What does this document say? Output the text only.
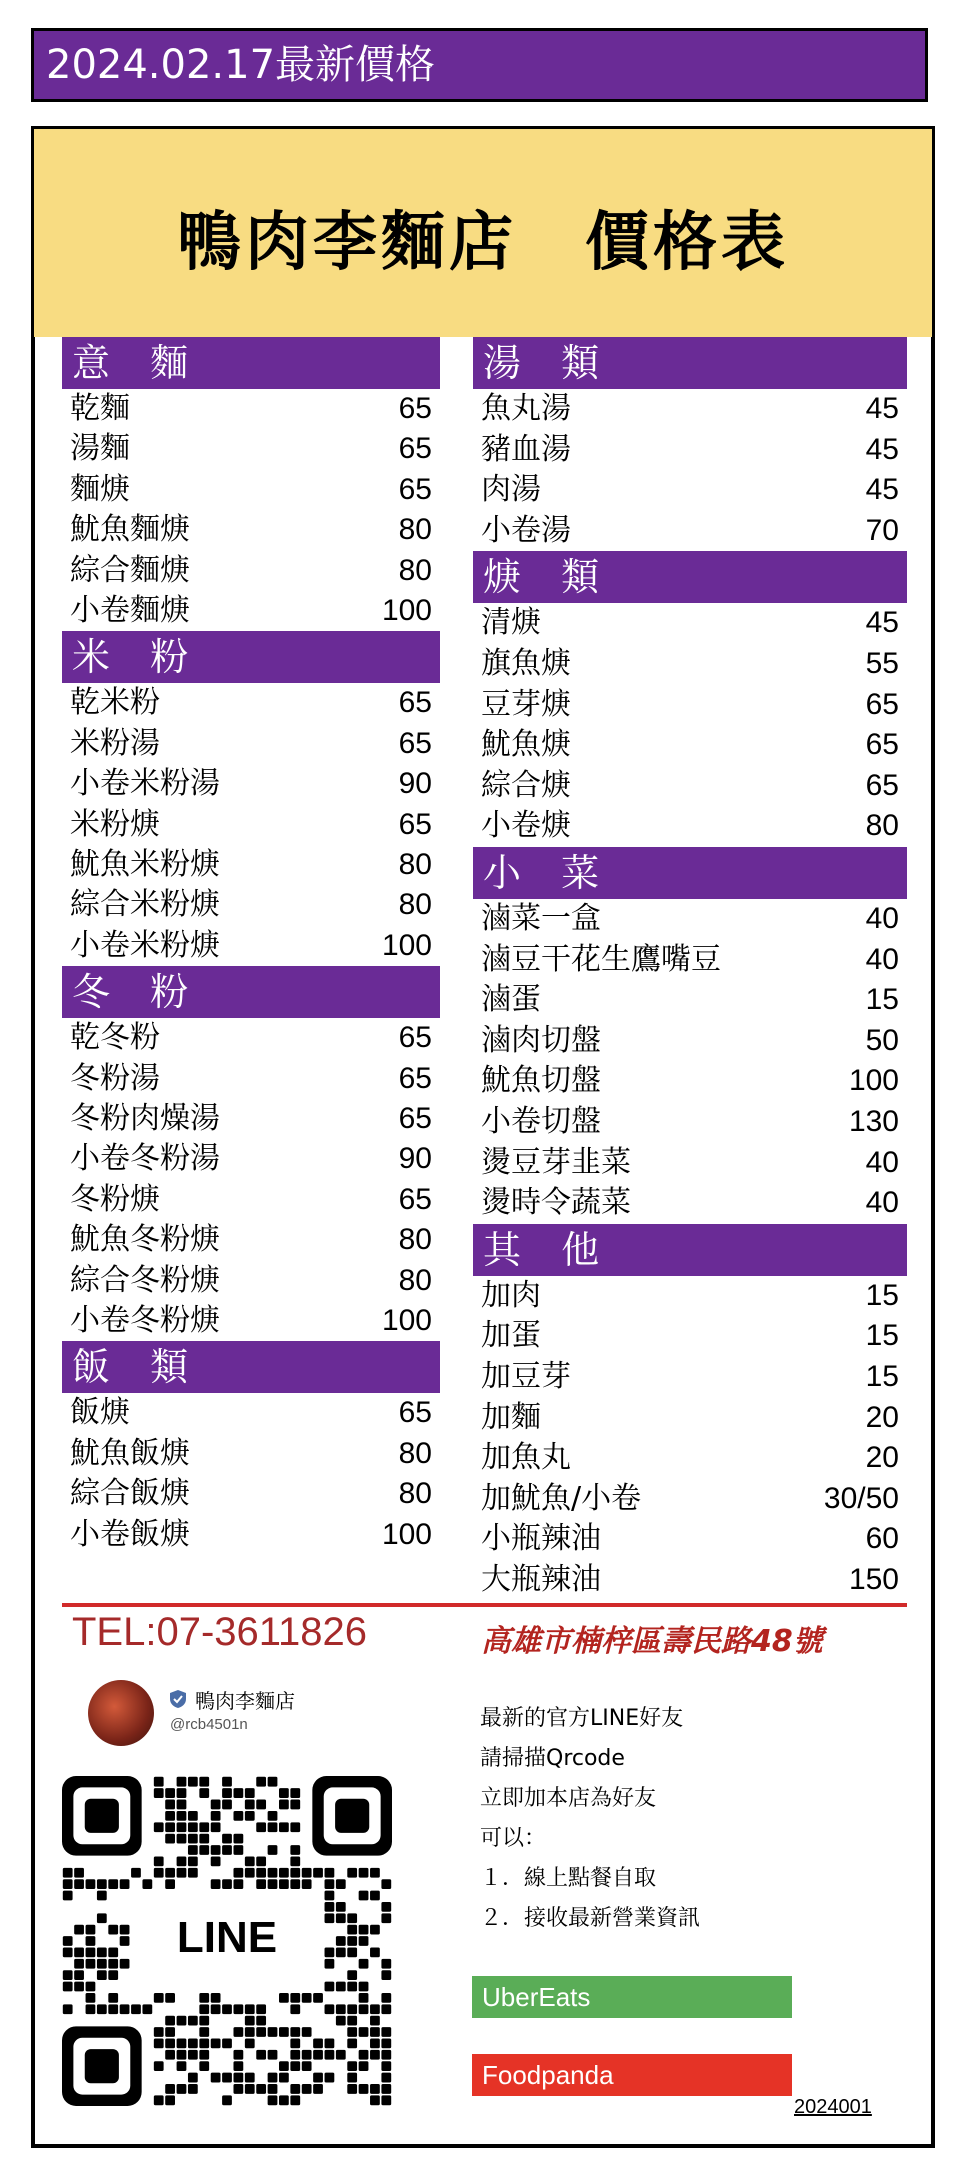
2024.02.17最新價格
鴨肉李麵店　價格表
意 麵
乾麵	65
湯麵	65
麵焿	65
魷魚麵焿	80
綜合麵焿	80
小卷麵焿	100
米 粉
乾米粉	65
米粉湯	65
小卷米粉湯	90
米粉焿	65
魷魚米粉焿	80
綜合米粉焿	80
小卷米粉焿	100
冬 粉
乾冬粉	65
冬粉湯	65
冬粉肉燥湯	65
小卷冬粉湯	90
冬粉焿	65
魷魚冬粉焿	80
綜合冬粉焿	80
小卷冬粉焿	100
飯 類
飯焿	65
魷魚飯焿	80
綜合飯焿	80
小卷飯焿	100
湯 類
魚丸湯	45
豬血湯	45
肉湯	45
小卷湯	70
焿 類
清焿	45
旗魚焿	55
豆芽焿	65
魷魚焿	65
綜合焿	65
小卷焿	80
小 菜
滷菜一盒	40
滷豆干花生鷹嘴豆	40
滷蛋	15
滷肉切盤	50
魷魚切盤	100
小卷切盤	130
燙豆芽韭菜	40
燙時令蔬菜	40
其 他
加肉	15
加蛋	15
加豆芽	15
加麵	20
加魚丸	20
加魷魚/小卷	30/50
小瓶辣油	60
大瓶辣油	150
TEL:07-3611826	高雄市楠梓區壽民路48號
鴨肉李麵店
@rcb4501n
LINE
最新的官方LINE好友
請掃描Qrcode
立即加本店為好友
可以：
１．線上點餐自取
２．接收最新營業資訊
UberEats
Foodpanda
2024001
